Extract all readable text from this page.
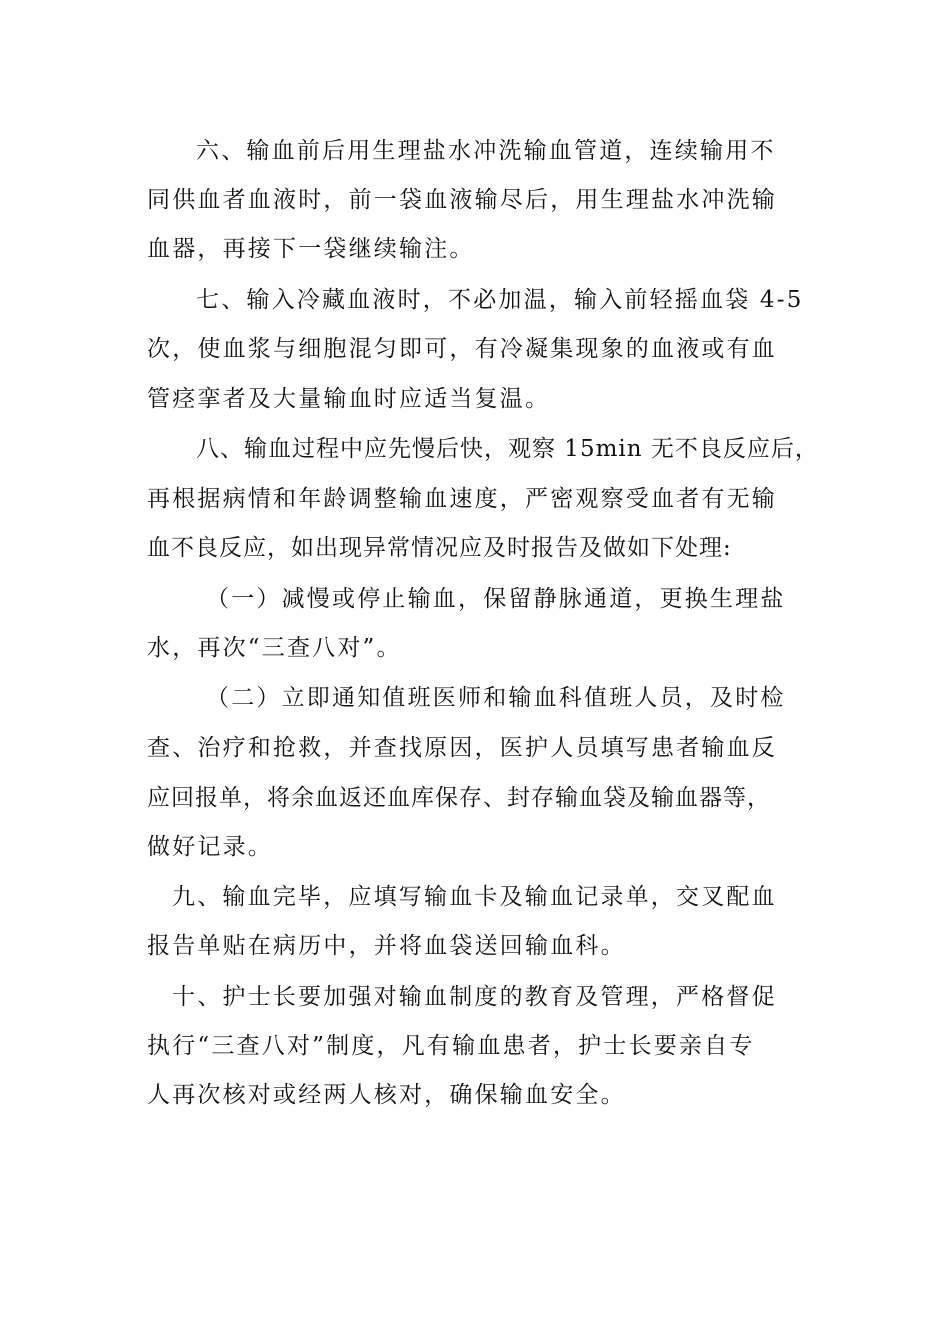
六、输血前后用生理盐水冲洗输血管道，连续输用不
同供血者血液时，前一袋血液输尽后，用生理盐水冲洗输
血器，再接下一袋继续输注。
七、输入冷藏血液时，不必加温，输入前轻摇血袋 4-5
次，使血浆与细胞混匀即可，有冷凝集现象的血液或有血
管痉挛者及大量输血时应适当复温。
八、输血过程中应先慢后快，观察 15min 无不良反应后，
再根据病情和年龄调整输血速度，严密观察受血者有无输
血不良反应，如出现异常情况应及时报告及做如下处理:
（一）减慢或停止输血，保留静脉通道，更换生理盐
水，再次“三查八对”。
（二）立即通知值班医师和输血科值班人员，及时检
查、治疗和抢救，并查找原因，医护人员填写患者输血反
应回报单，将余血返还血库保存、封存输血袋及输血器等，
做好记录。
九、输血完毕，应填写输血卡及输血记录单，交叉配血
报告单贴在病历中，并将血袋送回输血科。
十、护士长要加强对输血制度的教育及管理，严格督促
执行“三查八对”制度，凡有输血患者，护士长要亲自专
人再次核对或经两人核对，确保输血安全。
